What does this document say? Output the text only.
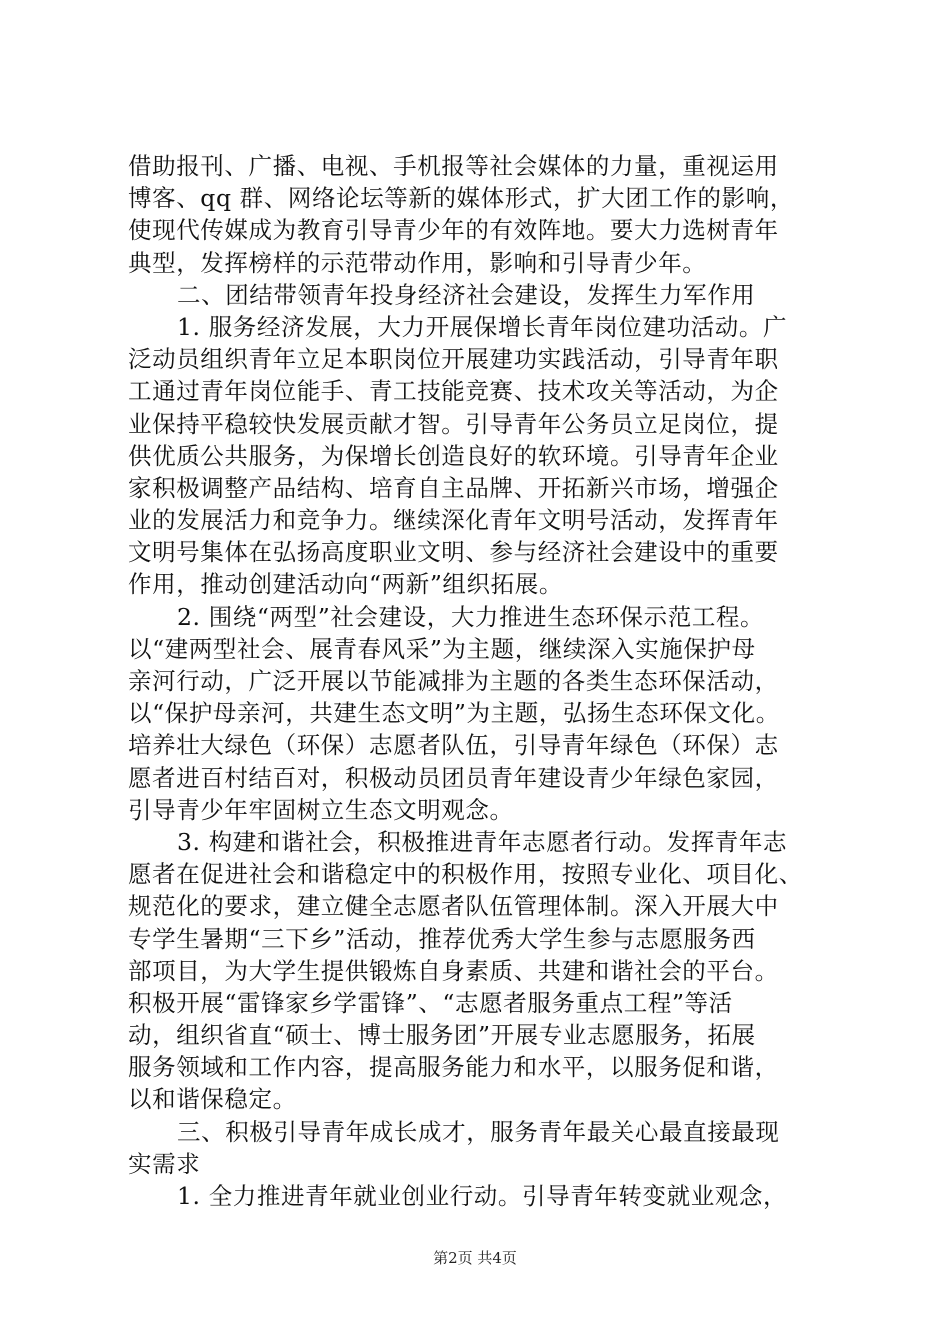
借助报刊、广播、电视、手机报等社会媒体的力量，重视运用
博客、qq 群、网络论坛等新的媒体形式，扩大团工作的影响，
使现代传媒成为教育引导青少年的有效阵地。要大力选树青年
典型，发挥榜样的示范带动作用，影响和引导青少年。
二、团结带领青年投身经济社会建设，发挥生力军作用
1. 服务经济发展，大力开展保增长青年岗位建功活动。广
泛动员组织青年立足本职岗位开展建功实践活动，引导青年职
工通过青年岗位能手、青工技能竞赛、技术攻关等活动，为企
业保持平稳较快发展贡献才智。引导青年公务员立足岗位，提
供优质公共服务，为保增长创造良好的软环境。引导青年企业
家积极调整产品结构、培育自主品牌、开拓新兴市场，增强企
业的发展活力和竞争力。继续深化青年文明号活动，发挥青年
文明号集体在弘扬高度职业文明、参与经济社会建设中的重要
作用，推动创建活动向“两新”组织拓展。
2. 围绕“两型”社会建设，大力推进生态环保示范工程。
以“建两型社会、展青春风采”为主题，继续深入实施保护母
亲河行动，广泛开展以节能减排为主题的各类生态环保活动，
以“保护母亲河，共建生态文明”为主题，弘扬生态环保文化。
培养壮大绿色（环保）志愿者队伍，引导青年绿色（环保）志
愿者进百村结百对，积极动员团员青年建设青少年绿色家园，
引导青少年牢固树立生态文明观念。
3. 构建和谐社会，积极推进青年志愿者行动。发挥青年志
愿者在促进社会和谐稳定中的积极作用，按照专业化、项目化、
规范化的要求，建立健全志愿者队伍管理体制。深入开展大中
专学生暑期“三下乡”活动，推荐优秀大学生参与志愿服务西
部项目，为大学生提供锻炼自身素质、共建和谐社会的平台。
积极开展“雷锋家乡学雷锋”、“志愿者服务重点工程”等活
动，组织省直“硕士、博士服务团”开展专业志愿服务，拓展
服务领域和工作内容，提高服务能力和水平，以服务促和谐，
以和谐保稳定。
三、积极引导青年成长成才，服务青年最关心最直接最现
实需求
1. 全力推进青年就业创业行动。引导青年转变就业观念，
第2页 共4页
